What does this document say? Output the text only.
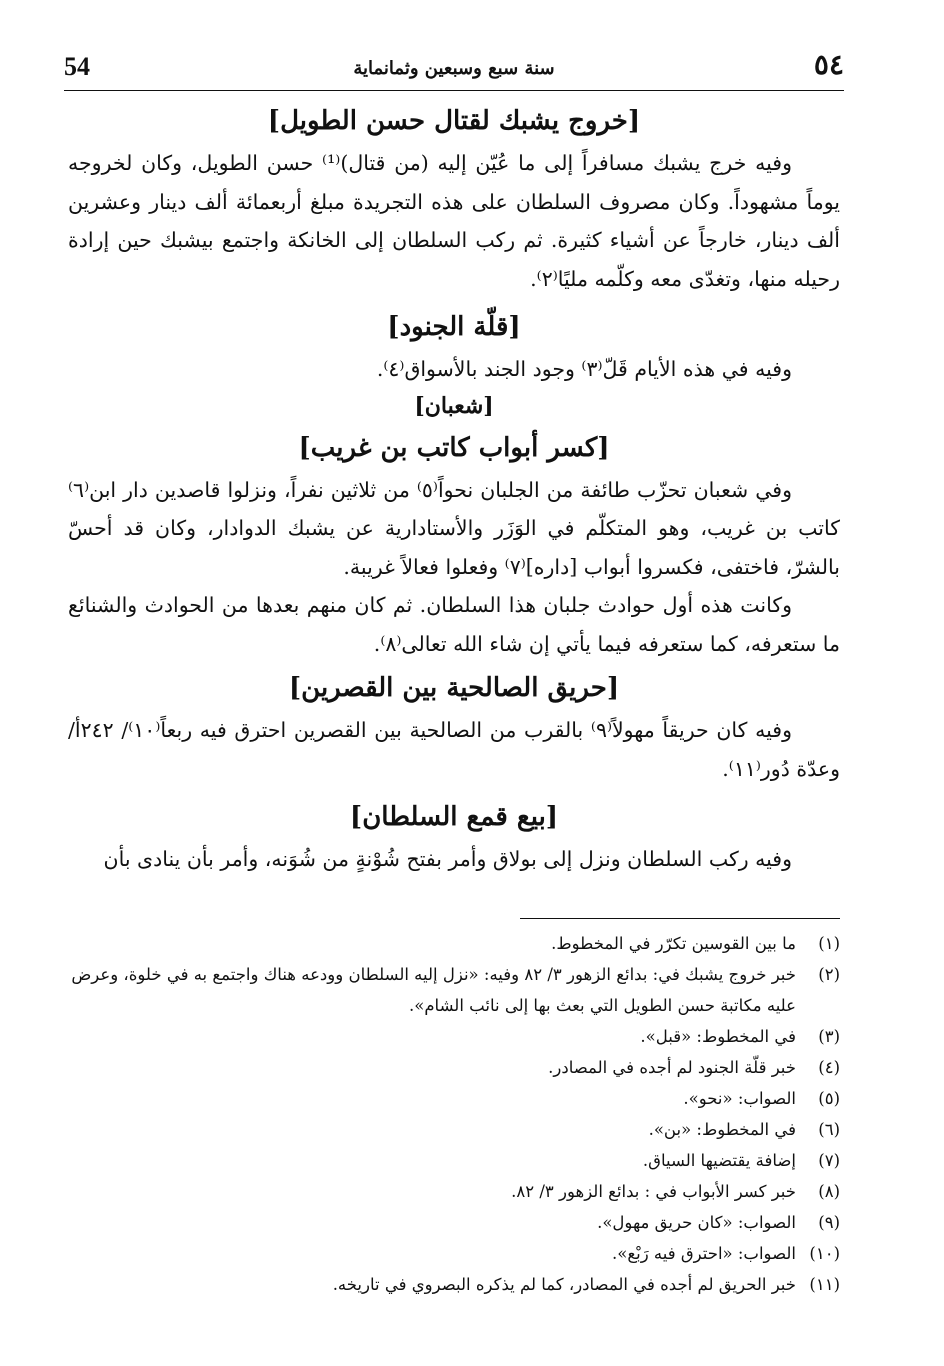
54	سنة سبع وسبعين وثمانماية	٥٤
[خروج يشبك لقتال حسن الطويل]

وفيه خرج يشبك مسافراً إلى ما عُيّن إليه (من قتال)⁽¹⁾ حسن الطويل، وكان لخروجه يوماً مشهوداً. وكان مصروف السلطان على هذه التجريدة مبلغ أربعمائة ألف دينار وعشرين ألف دينار، خارجاً عن أشياء كثيرة. ثم ركب السلطان إلى الخانكة واجتمع بيشبك حين إرادة رحيله منها، وتغدّى معه وكلّمه مليًا⁽٢⁾.

[قلّة الجنود]

وفيه في هذه الأيام قَلّ⁽٣⁾ وجود الجند بالأسواق⁽٤⁾.

[شعبان]
[كسر أبواب كاتب بن غريب]

وفي شعبان تحزّب طائفة من الجلبان نحواً⁽٥⁾ من ثلاثين نفراً، ونزلوا قاصدين دار ابن⁽٦⁾ كاتب بن غريب، وهو المتكلّم في الوَزَر والأستادارية عن يشبك الدوادار، وكان قد أحسّ بالشرّ، فاختفى، فكسروا أبواب [داره]⁽٧⁾ وفعلوا فعالاً غريبة.

وكانت هذه أول حوادث جلبان هذا السلطان. ثم كان منهم بعدها من الحوادث والشنائع ما ستعرفه، كما ستعرفه فيما يأتي إن شاء الله تعالى⁽٨⁾.

[حريق الصالحية بين القصرين]

وفيه كان حريقاً مهولاً⁽٩⁾ بالقرب من الصالحية بين القصرين احترق فيه ربعاً⁽١٠⁾/ ٢٤٢أ/ وعدّة دُور⁽١١⁾.

[بيع قمع السلطان]

وفيه ركب السلطان ونزل إلى بولاق وأمر بفتح شُوْنةٍ من شُوَنه، وأمر بأن ينادى بأن

(١)
ما بين القوسين تكرّر في المخطوط.

(٢)
خبر خروج يشبك في: بدائع الزهور ٣/ ٨٢ وفيه: «نزل إليه السلطان وودعه هناك واجتمع به في خلوة، وعرض عليه مكاتبة حسن الطويل التي بعث بها إلى نائب الشام».

(٣)
في المخطوط: «قبل».

(٤)
خبر قلّة الجنود لم أجده في المصادر.

(٥)
الصواب: «نحو».

(٦)
في المخطوط: «بن».

(٧)
إضافة يقتضيها السياق.

(٨)
خبر كسر الأبواب في : بدائع الزهور ٣/ ٨٢.

(٩)
الصواب: «كان حريق مهول».

(١٠)
الصواب: «احترق فيه رَبْع».

(١١)
خبر الحريق لم أجده في المصادر، كما لم يذكره البصروي في تاريخه.
